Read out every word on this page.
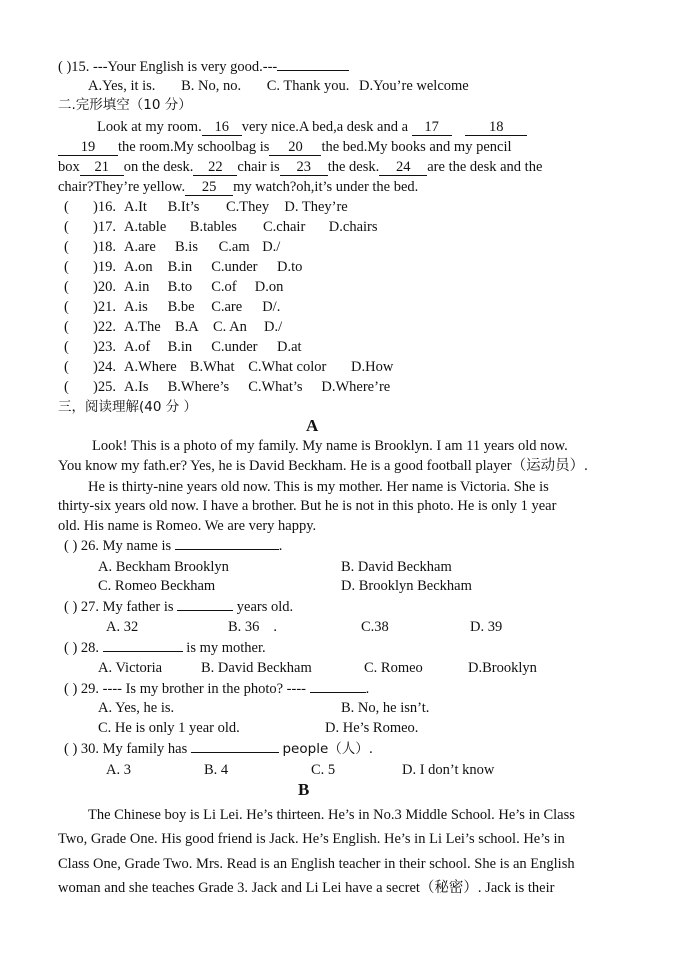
( )15. ---Your English is very good.---
A.Yes, it is. B. No, no. C. Thank you. D.You’re welcome
二.完形填空（10 分）
Look at my room. 16 very nice.A bed,a desk and a 17	18
19 the room.My schoolbag is 20 the bed.My books and my pencil
box 21 on the desk. 22 chair is 23 the desk. 24 are the desk and the
chair?They’re yellow. 25 my watch?oh,it’s under the bed.
三，阅读理解(40 分 ）
A
Look! This is a photo of my family. My name is Brooklyn. I am 11 years old now.
You know my fath.er? Yes, he is David Beckham. He is a good football player（运动员）.
He is thirty-nine years old now. This is my mother. Her name is Victoria. She is
thirty-six years old now. I have a brother. But he is not in this photo. He is only 1 year
old. His name is Romeo. We are very happy.
( ) 26. My name is	.
A. Beckham Brooklyn	B. David Beckham
C. Romeo Beckham	D. Brooklyn Beckham
( ) 27. My father is	years old.
A. 32	B. 36 .	C.38	D. 39
( ) 28.	is my mother.
A. Victoria	B. David Beckham	C. Romeo	D.Brooklyn
( ) 29. ---- Is my brother in the photo? ----	.
A. Yes, he is.	B. No, he isn’t.
C. He is only 1 year old.	D. He’s Romeo.
( ) 30. My family has	people（人）.
A. 3	B. 4	C. 5	D. I don’t know
B
The Chinese boy is Li Lei. He’s thirteen. He’s in No.3 Middle School. He’s in Class
Two, Grade One. His good friend is Jack. He’s English. He’s in Li Lei’s school. He’s in
Class One, Grade Two. Mrs. Read is an English teacher in their school. She is an English
woman and she teaches Grade 3. Jack and Li Lei have a secret（秘密）. Jack is their
( )16. A.It B.It’s C.They D. They’re
( )17. A.table B.tables C.chair D.chairs
( )18. A.are B.is C.am D./
( )19. A.on B.in C.under D.to
( )20. A.in B.to C.of D.on
( )21. A.is B.be C.are D/.
( )22. A.The B.A C. An D./
( )23. A.of B.in C.under D.at
( )24. A.Where B.What C.What color D.How
( )25. A.Is B.Where’s C.What’s D.Where’re
